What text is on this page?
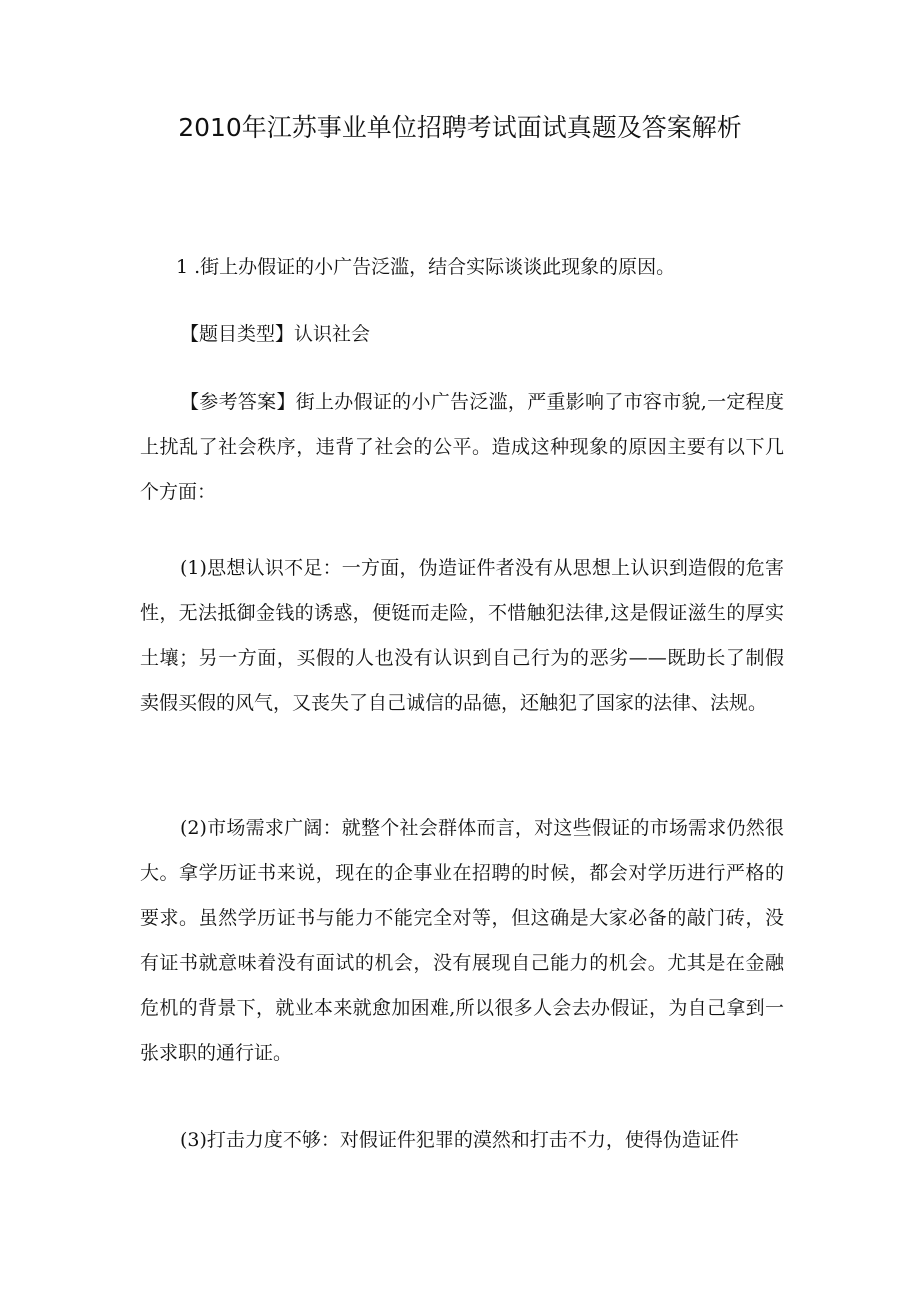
2010年江苏事业单位招聘考试面试真题及答案解析

1 .街上办假证的小广告泛滥，结合实际谈谈此现象的原因。

【题目类型】认识社会

【参考答案】街上办假证的小广告泛滥，严重影响了市容市貌,一定程度上扰乱了社会秩序，违背了社会的公平。造成这种现象的原因主要有以下几个方面：

(1)思想认识不足：一方面，伪造证件者没有从思想上认识到造假的危害性，无法抵御金钱的诱惑，便铤而走险，不惜触犯法律,这是假证滋生的厚实土壤；另一方面，买假的人也没有认识到自己行为的恶劣——既助长了制假卖假买假的风气，又丧失了自己诚信的品德，还触犯了国家的法律、法规。

(2)市场需求广阔：就整个社会群体而言，对这些假证的市场需求仍然很大。拿学历证书来说，现在的企事业在招聘的时候，都会对学历进行严格的要求。虽然学历证书与能力不能完全对等，但这确是大家必备的敲门砖，没有证书就意味着没有面试的机会，没有展现自己能力的机会。尤其是在金融危机的背景下，就业本来就愈加困难,所以很多人会去办假证，为自己拿到一张求职的通行证。

(3)打击力度不够：对假证件犯罪的漠然和打击不力，使得伪造证件
